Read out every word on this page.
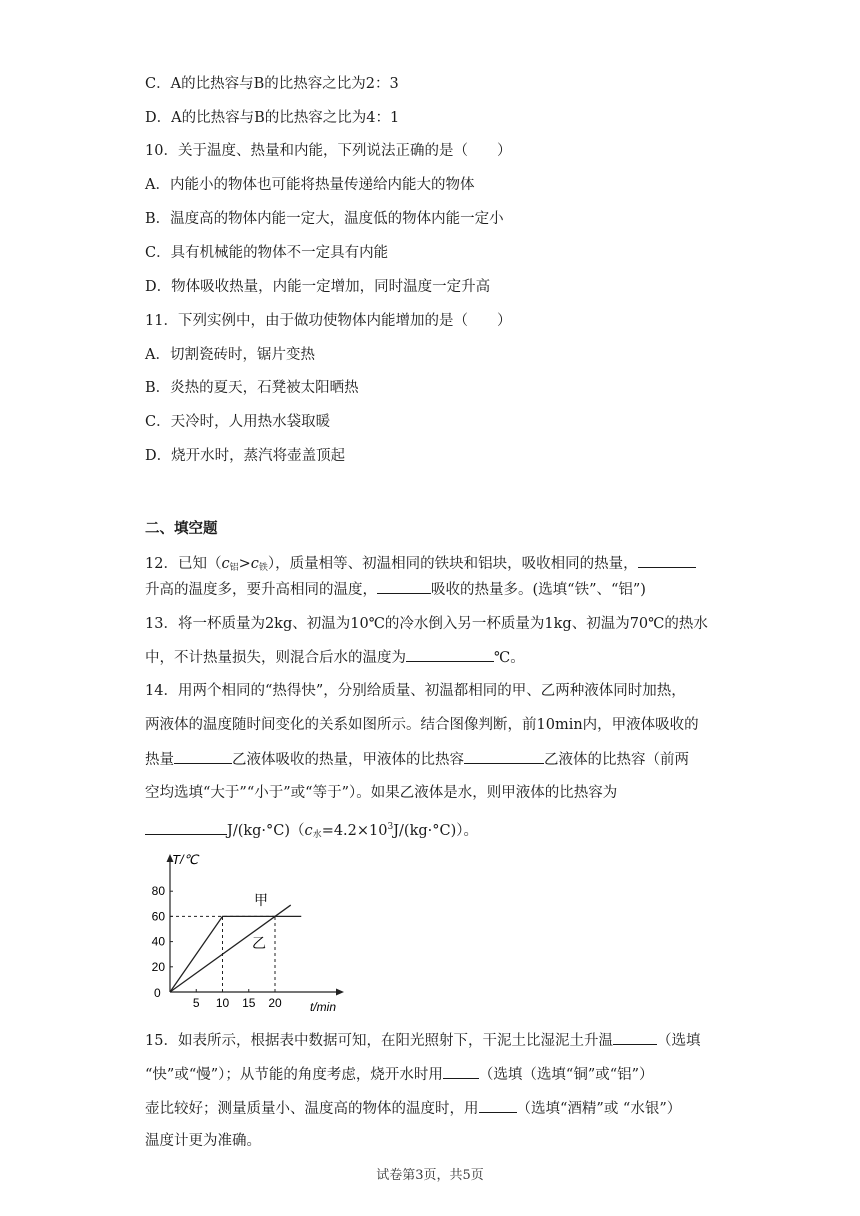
C．A的比热容与B的比热容之比为2：3
D．A的比热容与B的比热容之比为4：1
10．关于温度、热量和内能，下列说法正确的是（　　）
A．内能小的物体也可能将热量传递给内能大的物体
B．温度高的物体内能一定大，温度低的物体内能一定小
C．具有机械能的物体不一定具有内能
D．物体吸收热量，内能一定增加，同时温度一定升高
11．下列实例中，由于做功使物体内能增加的是（　　）
A．切割瓷砖时，锯片变热
B．炎热的夏天，石凳被太阳晒热
C．天冷时，人用热水袋取暖
D．烧开水时，蒸汽将壶盖顶起
二、填空题
12．已知$(c_铝>c_铁)$，质量相等、初温相同的铁块和铝块，吸收相同的热量，
升高的温度多，要升高相同的温度，	吸收的热量多。(选填“铁”、“铝”)
13．将一杯质量为2kg、初温为10℃的冷水倒入另一杯质量为1kg、初温为70℃的热水
中，不计热量损失，则混合后水的温度为	℃。
14．用两个相同的“热得快”，分别给质量、初温都相同的甲、乙两种液体同时加热，
两液体的温度随时间变化的关系如图所示。结合图像判断，前10min内，甲液体吸收的
热量	乙液体吸收的热量，甲液体的比热容	乙液体的比热容（前两
空均选填“大于”“小于”或“等于”）。如果乙液体是水，则甲液体的比热容为
$J/(kg\cdot^\circ C)(c_水=4.2\times 10^3J/(kg\cdot^\circ C))$。
5 10 15 20
20
40
60
80
T/℃
t/min
0
甲
乙
15．如表所示，根据表中数据可知，在阳光照射下，干泥土比湿泥土升温	（选填
“快”或“慢”）；从节能的角度考虑，烧开水时用 （选填（选填“铜”或“铝”）
壶比较好；测量质量小、温度高的物体的温度时，用	（选填“酒精”或 “水银”）
温度计更为准确。
试卷第3页，共5页
